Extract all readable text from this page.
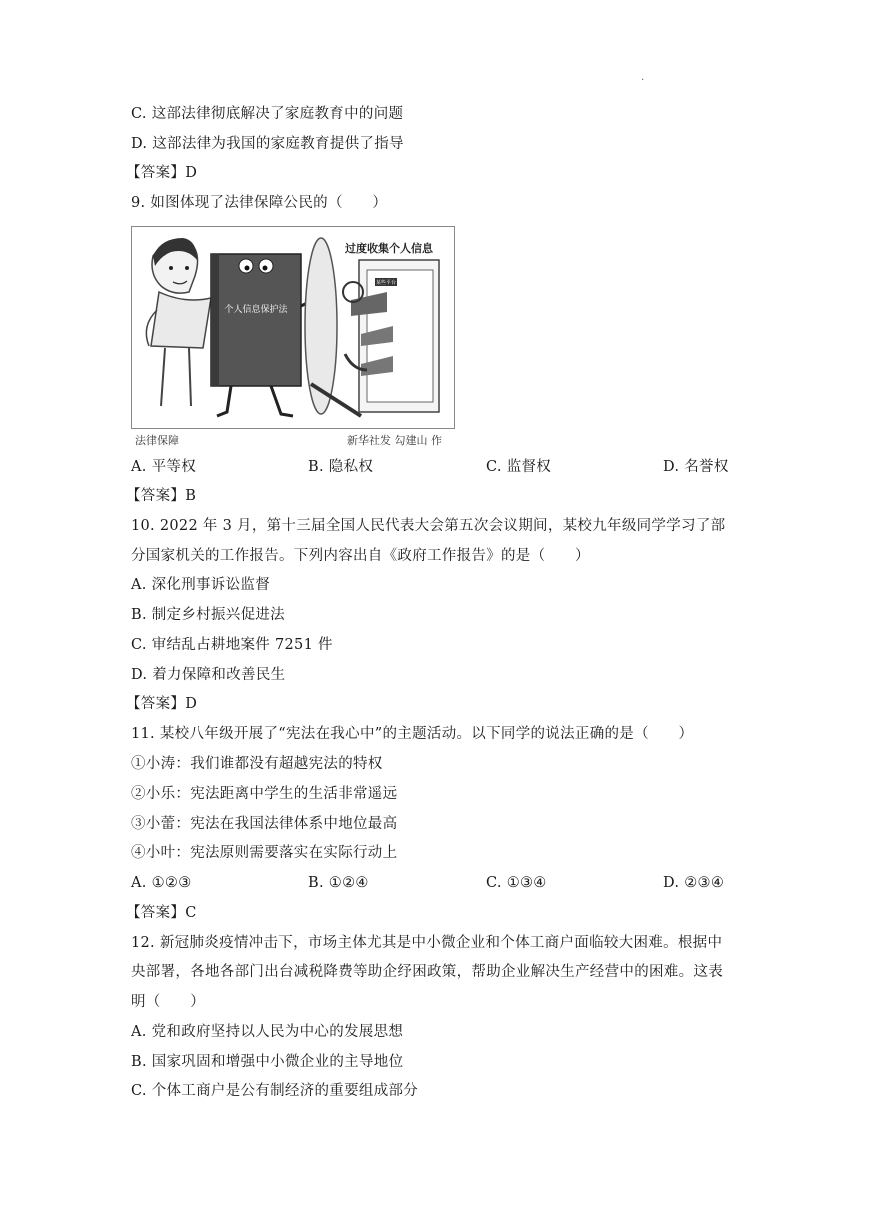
.
C. 这部法律彻底解决了家庭教育中的问题
D. 这部法律为我国的家庭教育提供了指导
【答案】D
9. 如图体现了法律保障公民的（　　）
个人信息保护法
过度收集个人信息
某些平台
法律保障	新华社发 勾建山 作
A. 平等权	B. 隐私权	C. 监督权	D. 名誉权
【答案】B
10. 2022 年 3 月，第十三届全国人民代表大会第五次会议期间，某校九年级同学学习了部
分国家机关的工作报告。下列内容出自《政府工作报告》的是（　　）
A. 深化刑事诉讼监督
B. 制定乡村振兴促进法
C. 审结乱占耕地案件 7251 件
D. 着力保障和改善民生
【答案】D
11. 某校八年级开展了“宪法在我心中”的主题活动。以下同学的说法正确的是（　　）
①小涛：我们谁都没有超越宪法的特权
②小乐：宪法距离中学生的生活非常遥远
③小蕾：宪法在我国法律体系中地位最高
④小叶：宪法原则需要落实在实际行动上
A. ①②③	B. ①②④	C. ①③④	D. ②③④
【答案】C
12. 新冠肺炎疫情冲击下，市场主体尤其是中小微企业和个体工商户面临较大困难。根据中
央部署，各地各部门出台减税降费等助企纾困政策，帮助企业解决生产经营中的困难。这表
明（　　）
A. 党和政府坚持以人民为中心的发展思想
B. 国家巩固和增强中小微企业的主导地位
C. 个体工商户是公有制经济的重要组成部分
